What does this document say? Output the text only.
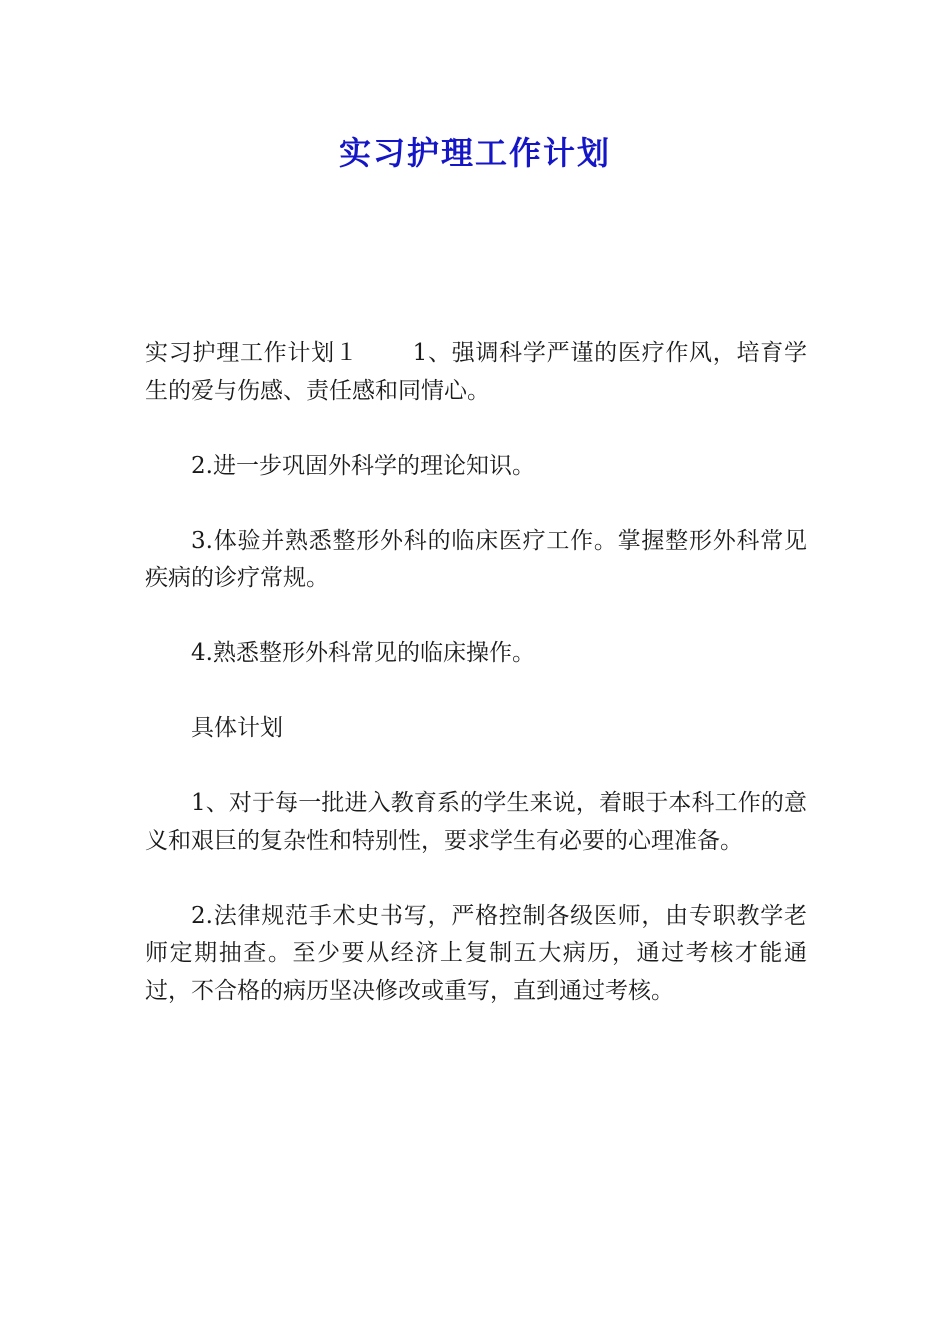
实习护理工作计划

实习护理工作计划１ 1、强调科学严谨的医疗作风，培育学生的爱与伤感、责任感和同情心。

2.进一步巩固外科学的理论知识。

3.体验并熟悉整形外科的临床医疗工作。掌握整形外科常见疾病的诊疗常规。

4.熟悉整形外科常见的临床操作。

具体计划

1、对于每一批进入教育系的学生来说，着眼于本科工作的意义和艰巨的复杂性和特别性，要求学生有必要的心理准备。

2.法律规范手术史书写，严格控制各级医师，由专职教学老师定期抽查。至少要从经济上复制五大病历，通过考核才能通过，不合格的病历坚决修改或重写，直到通过考核。
